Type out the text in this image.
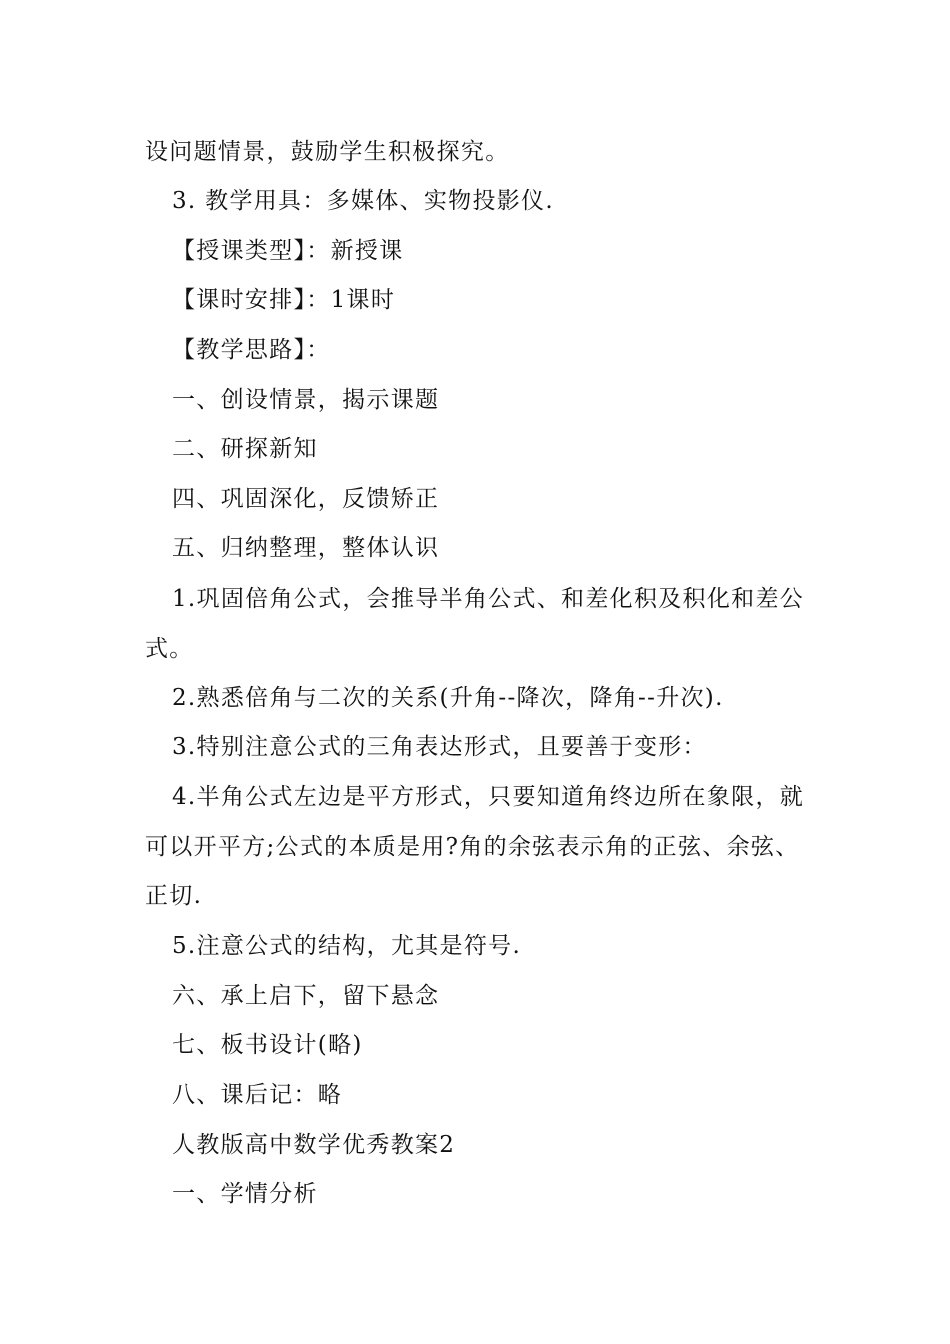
设问题情景，鼓励学生积极探究。

3. 教学用具：多媒体、实物投影仪.

【授课类型】：新授课

【课时安排】：1课时

【教学思路】：

一、创设情景，揭示课题

二、研探新知

四、巩固深化，反馈矫正

五、归纳整理，整体认识

1.巩固倍角公式，会推导半角公式、和差化积及积化和差公式。

2.熟悉倍角与二次的关系(升角--降次，降角--升次).

3.特别注意公式的三角表达形式，且要善于变形：

4.半角公式左边是平方形式，只要知道角终边所在象限，就可以开平方;公式的本质是用?角的余弦表示角的正弦、余弦、正切.

5.注意公式的结构，尤其是符号.

六、承上启下，留下悬念

七、板书设计(略)

八、课后记：略

人教版高中数学优秀教案2

一、学情分析
